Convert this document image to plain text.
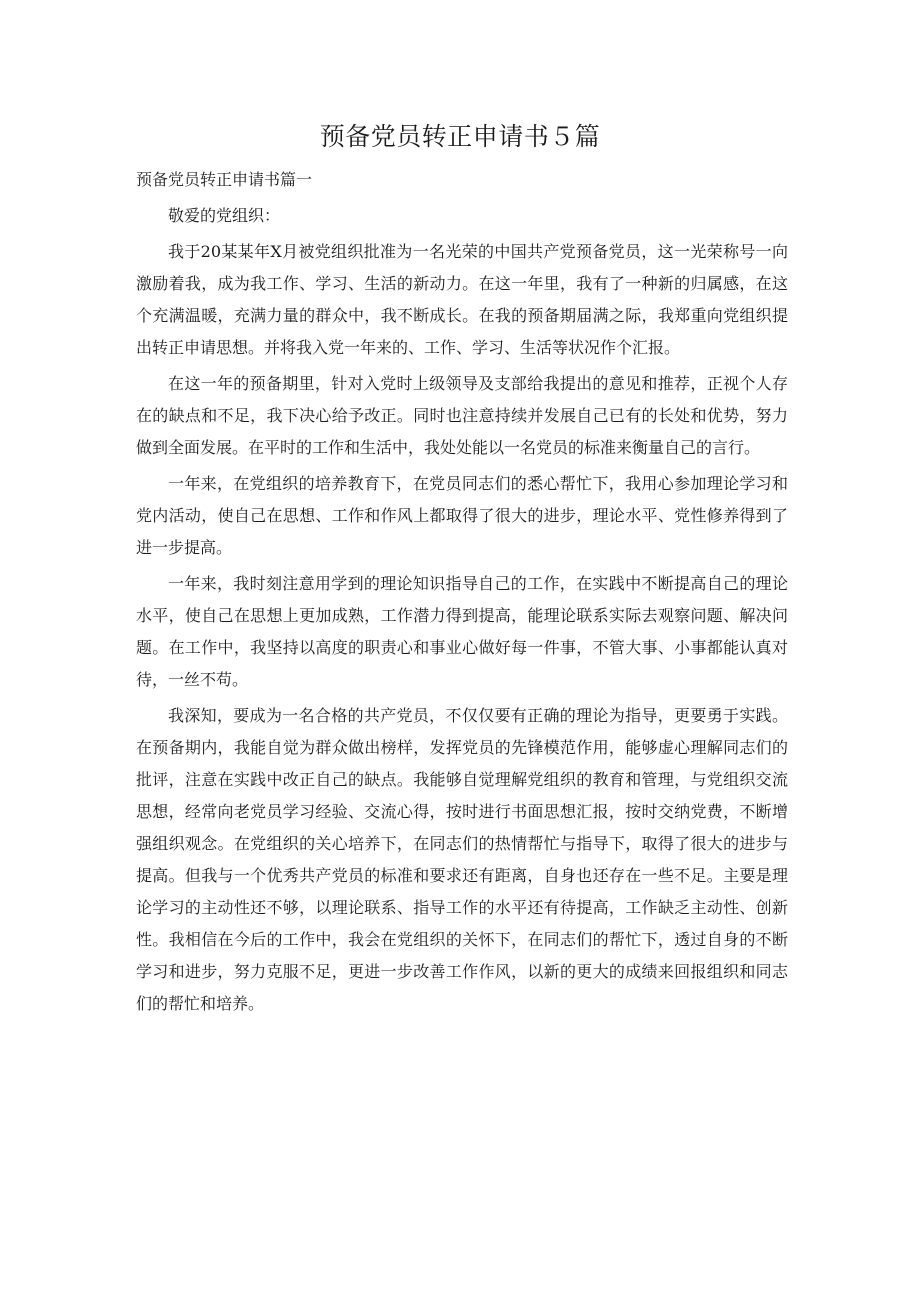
预备党员转正申请书５篇

预备党员转正申请书篇一

敬爱的党组织：

我于20某某年X月被党组织批准为一名光荣的中国共产党预备党员，这一光荣称号一向激励着我，成为我工作、学习、生活的新动力。在这一年里，我有了一种新的归属感，在这个充满温暖，充满力量的群众中，我不断成长。在我的预备期届满之际，我郑重向党组织提出转正申请思想。并将我入党一年来的、工作、学习、生活等状况作个汇报。

在这一年的预备期里，针对入党时上级领导及支部给我提出的意见和推荐，正视个人存在的缺点和不足，我下决心给予改正。同时也注意持续并发展自己已有的长处和优势，努力做到全面发展。在平时的工作和生活中，我处处能以一名党员的标准来衡量自己的言行。

一年来，在党组织的培养教育下，在党员同志们的悉心帮忙下，我用心参加理论学习和党内活动，使自己在思想、工作和作风上都取得了很大的进步，理论水平、党性修养得到了进一步提高。

一年来，我时刻注意用学到的理论知识指导自己的工作，在实践中不断提高自己的理论水平，使自己在思想上更加成熟，工作潜力得到提高，能理论联系实际去观察问题、解决问题。在工作中，我坚持以高度的职责心和事业心做好每一件事，不管大事、小事都能认真对待，一丝不苟。

我深知，要成为一名合格的共产党员，不仅仅要有正确的理论为指导，更要勇于实践。在预备期内，我能自觉为群众做出榜样，发挥党员的先锋模范作用，能够虚心理解同志们的批评，注意在实践中改正自己的缺点。我能够自觉理解党组织的教育和管理，与党组织交流思想，经常向老党员学习经验、交流心得，按时进行书面思想汇报，按时交纳党费，不断增强组织观念。在党组织的关心培养下，在同志们的热情帮忙与指导下，取得了很大的进步与提高。但我与一个优秀共产党员的标准和要求还有距离，自身也还存在一些不足。主要是理论学习的主动性还不够，以理论联系、指导工作的水平还有待提高，工作缺乏主动性、创新性。我相信在今后的工作中，我会在党组织的关怀下，在同志们的帮忙下，透过自身的不断学习和进步，努力克服不足，更进一步改善工作作风，以新的更大的成绩来回报组织和同志们的帮忙和培养。
